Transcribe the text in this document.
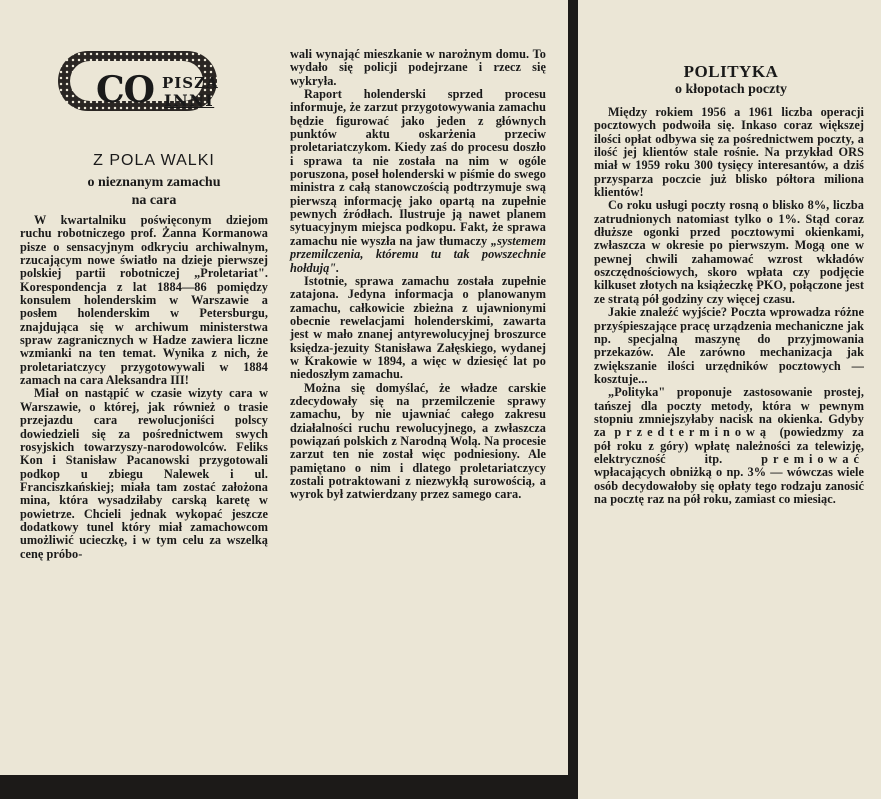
CO PISZĄ
INNI
Z POLA WALKI
o nieznanym zamachu
na cara

W kwartalniku poświęconym dziejom ruchu robotniczego prof. Żanna Kormanowa pisze o sensacyjnym odkryciu archiwalnym, rzucającym nowe światło na dzieje pierwszej polskiej partii robotniczej „Proletariat". Korespondencja z lat 1884—86 pomiędzy konsulem holenderskim w Warszawie a posłem holenderskim w Petersburgu, znajdująca się w archiwum ministerstwa spraw zagranicznych w Hadze zawiera liczne wzmianki na ten temat. Wynika z nich, że proletariatczycy przygotowywali w 1884 zamach na cara Aleksandra III!

Miał on nastąpić w czasie wizyty cara w Warszawie, o której, jak również o trasie przejazdu cara rewolucjoniści polscy dowiedzieli się za pośrednictwem swych rosyjskich towarzyszy-narodowolców. Feliks Kon i Stanisław Pacanowski przygotowali podkop u zbiegu Nalewek i ul. Franciszkańskiej; miała tam zostać założona mina, która wysadziłaby carską karetę w powietrze. Chcieli jednak wykopać jeszcze dodatkowy tunel który miał zamachowcom umożliwić ucieczkę, i w tym celu za wszelką cenę próbo-

wali wynająć mieszkanie w narożnym domu. To wydało się policji podejrzane i rzecz się wykryła.

Raport holenderski sprzed procesu informuje, że zarzut przygotowywania zamachu będzie figurować jako jeden z głównych punktów aktu oskarżenia przeciw proletariatczykom. Kiedy zaś do procesu doszło i sprawa ta nie została na nim w ogóle poruszona, poseł holenderski w piśmie do swego ministra z całą stanowczością podtrzymuje swą pierwszą informację jako opartą na zupełnie pewnych źródłach. Ilustruje ją nawet planem sytuacyjnym miejsca podkopu. Fakt, że sprawa zamachu nie wyszła na jaw tłumaczy „systemem przemilczenia, któremu tu tak powszechnie hołdują".

Istotnie, sprawa zamachu została zupełnie zatajona. Jedyna informacja o planowanym zamachu, całkowicie zbieżna z ujawnionymi obecnie rewelacjami holenderskimi, zawarta jest w mało znanej antyrewolucyjnej broszurce księdza-jezuity Stanisława Załęskiego, wydanej w Krakowie w 1894, a więc w dziesięć lat po niedoszłym zamachu.

Można się domyślać, że władze carskie zdecydowały się na przemilczenie sprawy zamachu, by nie ujawniać całego zakresu działalności ruchu rewolucyjnego, a zwłaszcza powiązań polskich z Narodną Wolą. Na procesie zarzut ten nie został więc podniesiony. Ale pamiętano o nim i dlatego proletariatczycy zostali potraktowani z niezwykłą surowością, a wyrok był zatwierdzany przez samego cara.

POLITYKA
o kłopotach poczty

Między rokiem 1956 a 1961 liczba operacji pocztowych podwoiła się. Inkaso coraz większej ilości opłat odbywa się za pośrednictwem poczty, a ilość jej klientów stale rośnie. Na przykład ORS miał w 1959 roku 300 tysięcy interesantów, a dziś przysparza poczcie już blisko półtora miliona klientów!

Co roku usługi poczty rosną o blisko 8%, liczba zatrudnionych natomiast tylko o 1%. Stąd coraz dłuższe ogonki przed pocztowymi okienkami, zwłaszcza w okresie po pierwszym. Mogą one w pewnej chwili zahamować wzrost wkładów oszczędnościowych, skoro wpłata czy podjęcie kilkuset złotych na książeczkę PKO, połączone jest ze stratą pół godziny czy więcej czasu.

Jakie znaleźć wyjście? Poczta wprowadza różne przyśpieszające pracę urządzenia mechaniczne jak np. specjalną maszynę do przyjmowania przekazów. Ale zarówno mechanizacja jak zwiększanie ilości urzędników pocztowych — kosztuje...

„Polityka" proponuje zastosowanie prostej, tańszej dla poczty metody, która w pewnym stopniu zmniejszyłaby nacisk na okienka. Gdyby za przedterminową (powiedzmy za pół roku z góry) wpłatę należności za telewizję, elektryczność itp. premiować wpłacających obniżką o np. 3% — wówczas wiele osób decydowałoby się opłaty tego rodzaju zanosić na pocztę raz na pół roku, zamiast co miesiąc.
